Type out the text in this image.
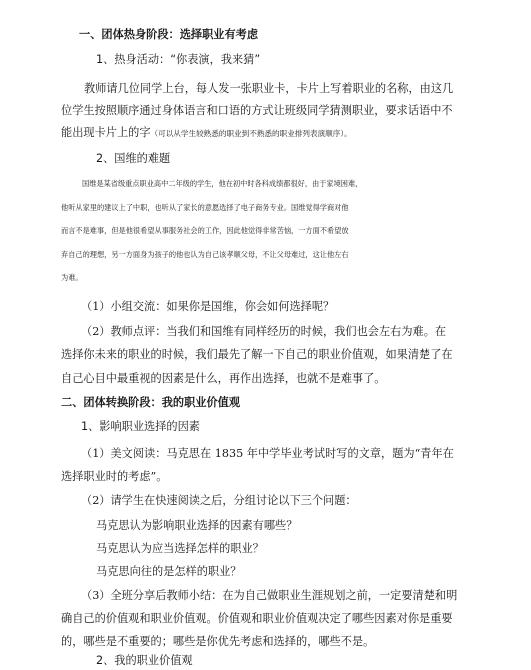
一、团体热身阶段：选择职业有考虑
1、热身活动：“你表演，我来猜”
教师请几位同学上台，每人发一张职业卡，卡片上写着职业的名称，由这几
位学生按照顺序通过身体语言和口语的方式让班级同学猜测职业，要求话语中不
能出现卡片上的字（可以从学生较熟悉的职业到不熟悉的职业排列表演顺序）。
2、国维的难题
国维是某省级重点职业高中二年级的学生，他在初中时各科成绩都很好，由于家境困难，
他听从家里的建议上了中职，也听从了家长的意愿选择了电子商务专业。国维觉得学商对他
而言不是难事，但是他很希望从事服务社会的工作，因此他觉得非常苦恼，一方面不希望放
弃自己的理想，另一方面身为孩子的他也认为自己该孝顺父母，不让父母难过，这让他左右
为难。
（1）小组交流：如果你是国维，你会如何选择呢？
（2）教师点评：当我们和国维有同样经历的时候，我们也会左右为难。在
选择你未来的职业的时候，我们最先了解一下自己的职业价值观，如果清楚了在
自己心目中最重视的因素是什么，再作出选择，也就不是难事了。
二、团体转换阶段：我的职业价值观
1、影响职业选择的因素
（1）美文阅读：马克思在 1835 年中学毕业考试时写的文章，题为“青年在
选择职业时的考虑”。
（2）请学生在快速阅读之后，分组讨论以下三个问题：
马克思认为影响职业选择的因素有哪些？
马克思认为应当选择怎样的职业？
马克思向往的是怎样的职业？
（3）全班分享后教师小结：在为自己做职业生涯规划之前，一定要清楚和明
确自己的价值观和职业价值观。价值观和职业价值观决定了哪些因素对你是重要
的，哪些是不重要的；哪些是你优先考虑和选择的，哪些不是。
2、我的职业价值观
